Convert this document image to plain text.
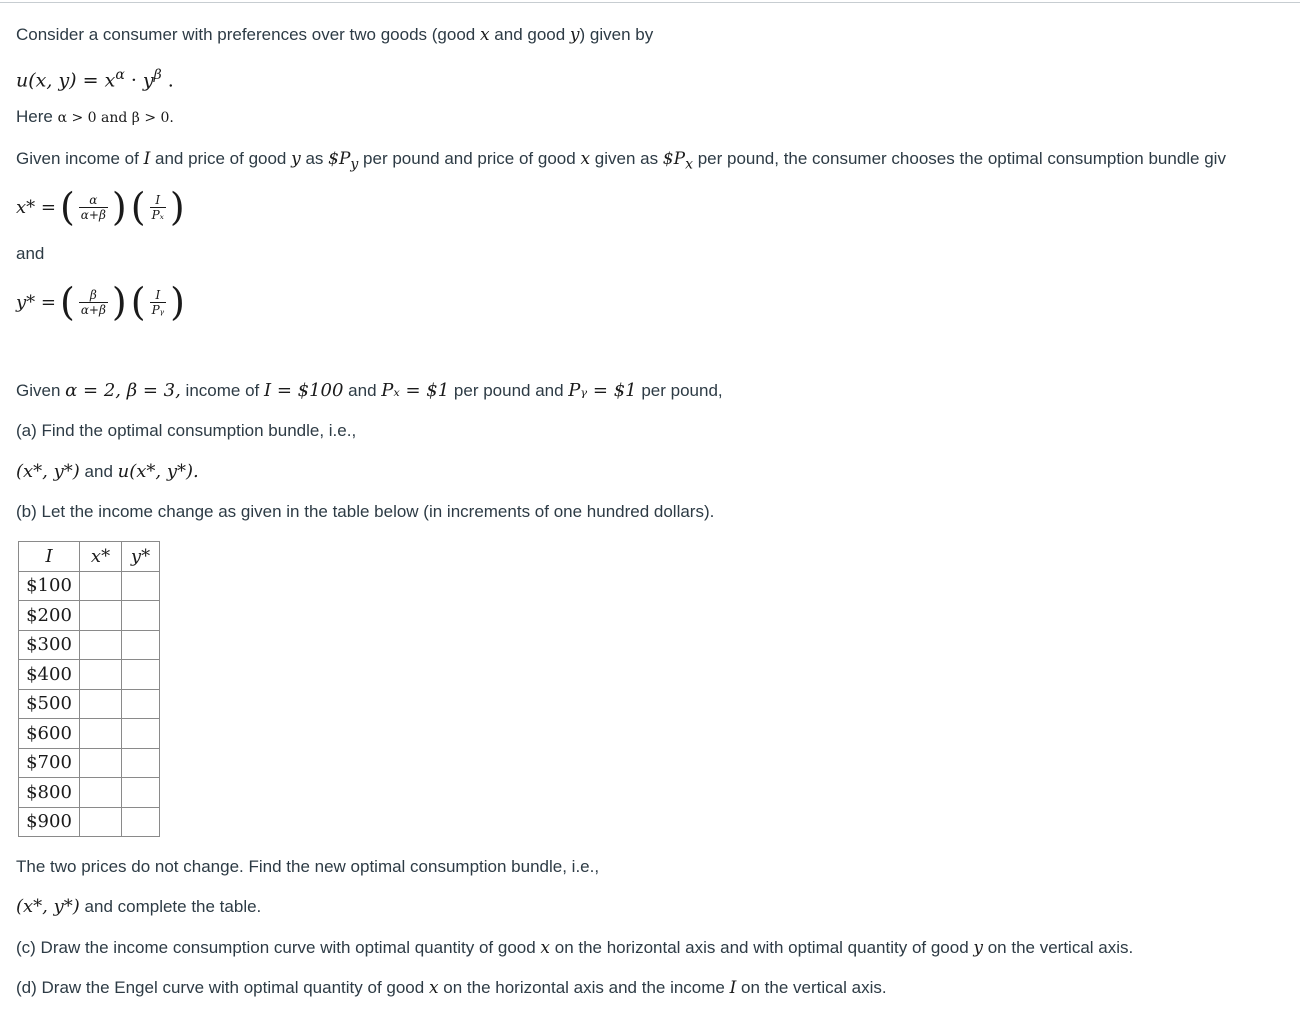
Consider a consumer with preferences over two goods (good x and good y) given by
u(x, $y) = x^\alpha \cdot y^\beta$ .
Here α > 0 and β > 0.
Given income of I and price of good y as $\$P_y$ per pound and price of good x given as $\$P_x$ per pound, the consumer chooses the optimal consumption bundle giv
x* = ( $\frac{\alpha}{\alpha+\beta}$ ) ( $\frac{I}{\text{Pₓ}}$ )
and
y* = ( $\frac{\beta}{\alpha+\beta}$ ) ( $\frac{I}{\text{Pᵧ}}$ )
Given α = 2, β = 3, income of I = $100 and Pₓ = $1 per pound and Pᵧ = $1 per pound,
(a) Find the optimal consumption bundle, i.e.,
(x*, y*) and u(x*, y*).
(b) Let the income change as given in the table below (in increments of one hundred dollars).
I	x*	y*
$100		
$200		
$300		
$400		
$500		
$600		
$700		
$800		
$900		
The two prices do not change. Find the new optimal consumption bundle, i.e.,
(x*, y*) and complete the table.
(c) Draw the income consumption curve with optimal quantity of good x on the horizontal axis and with optimal quantity of good y on the vertical axis.
(d) Draw the Engel curve with optimal quantity of good x on the horizontal axis and the income I on the vertical axis.
